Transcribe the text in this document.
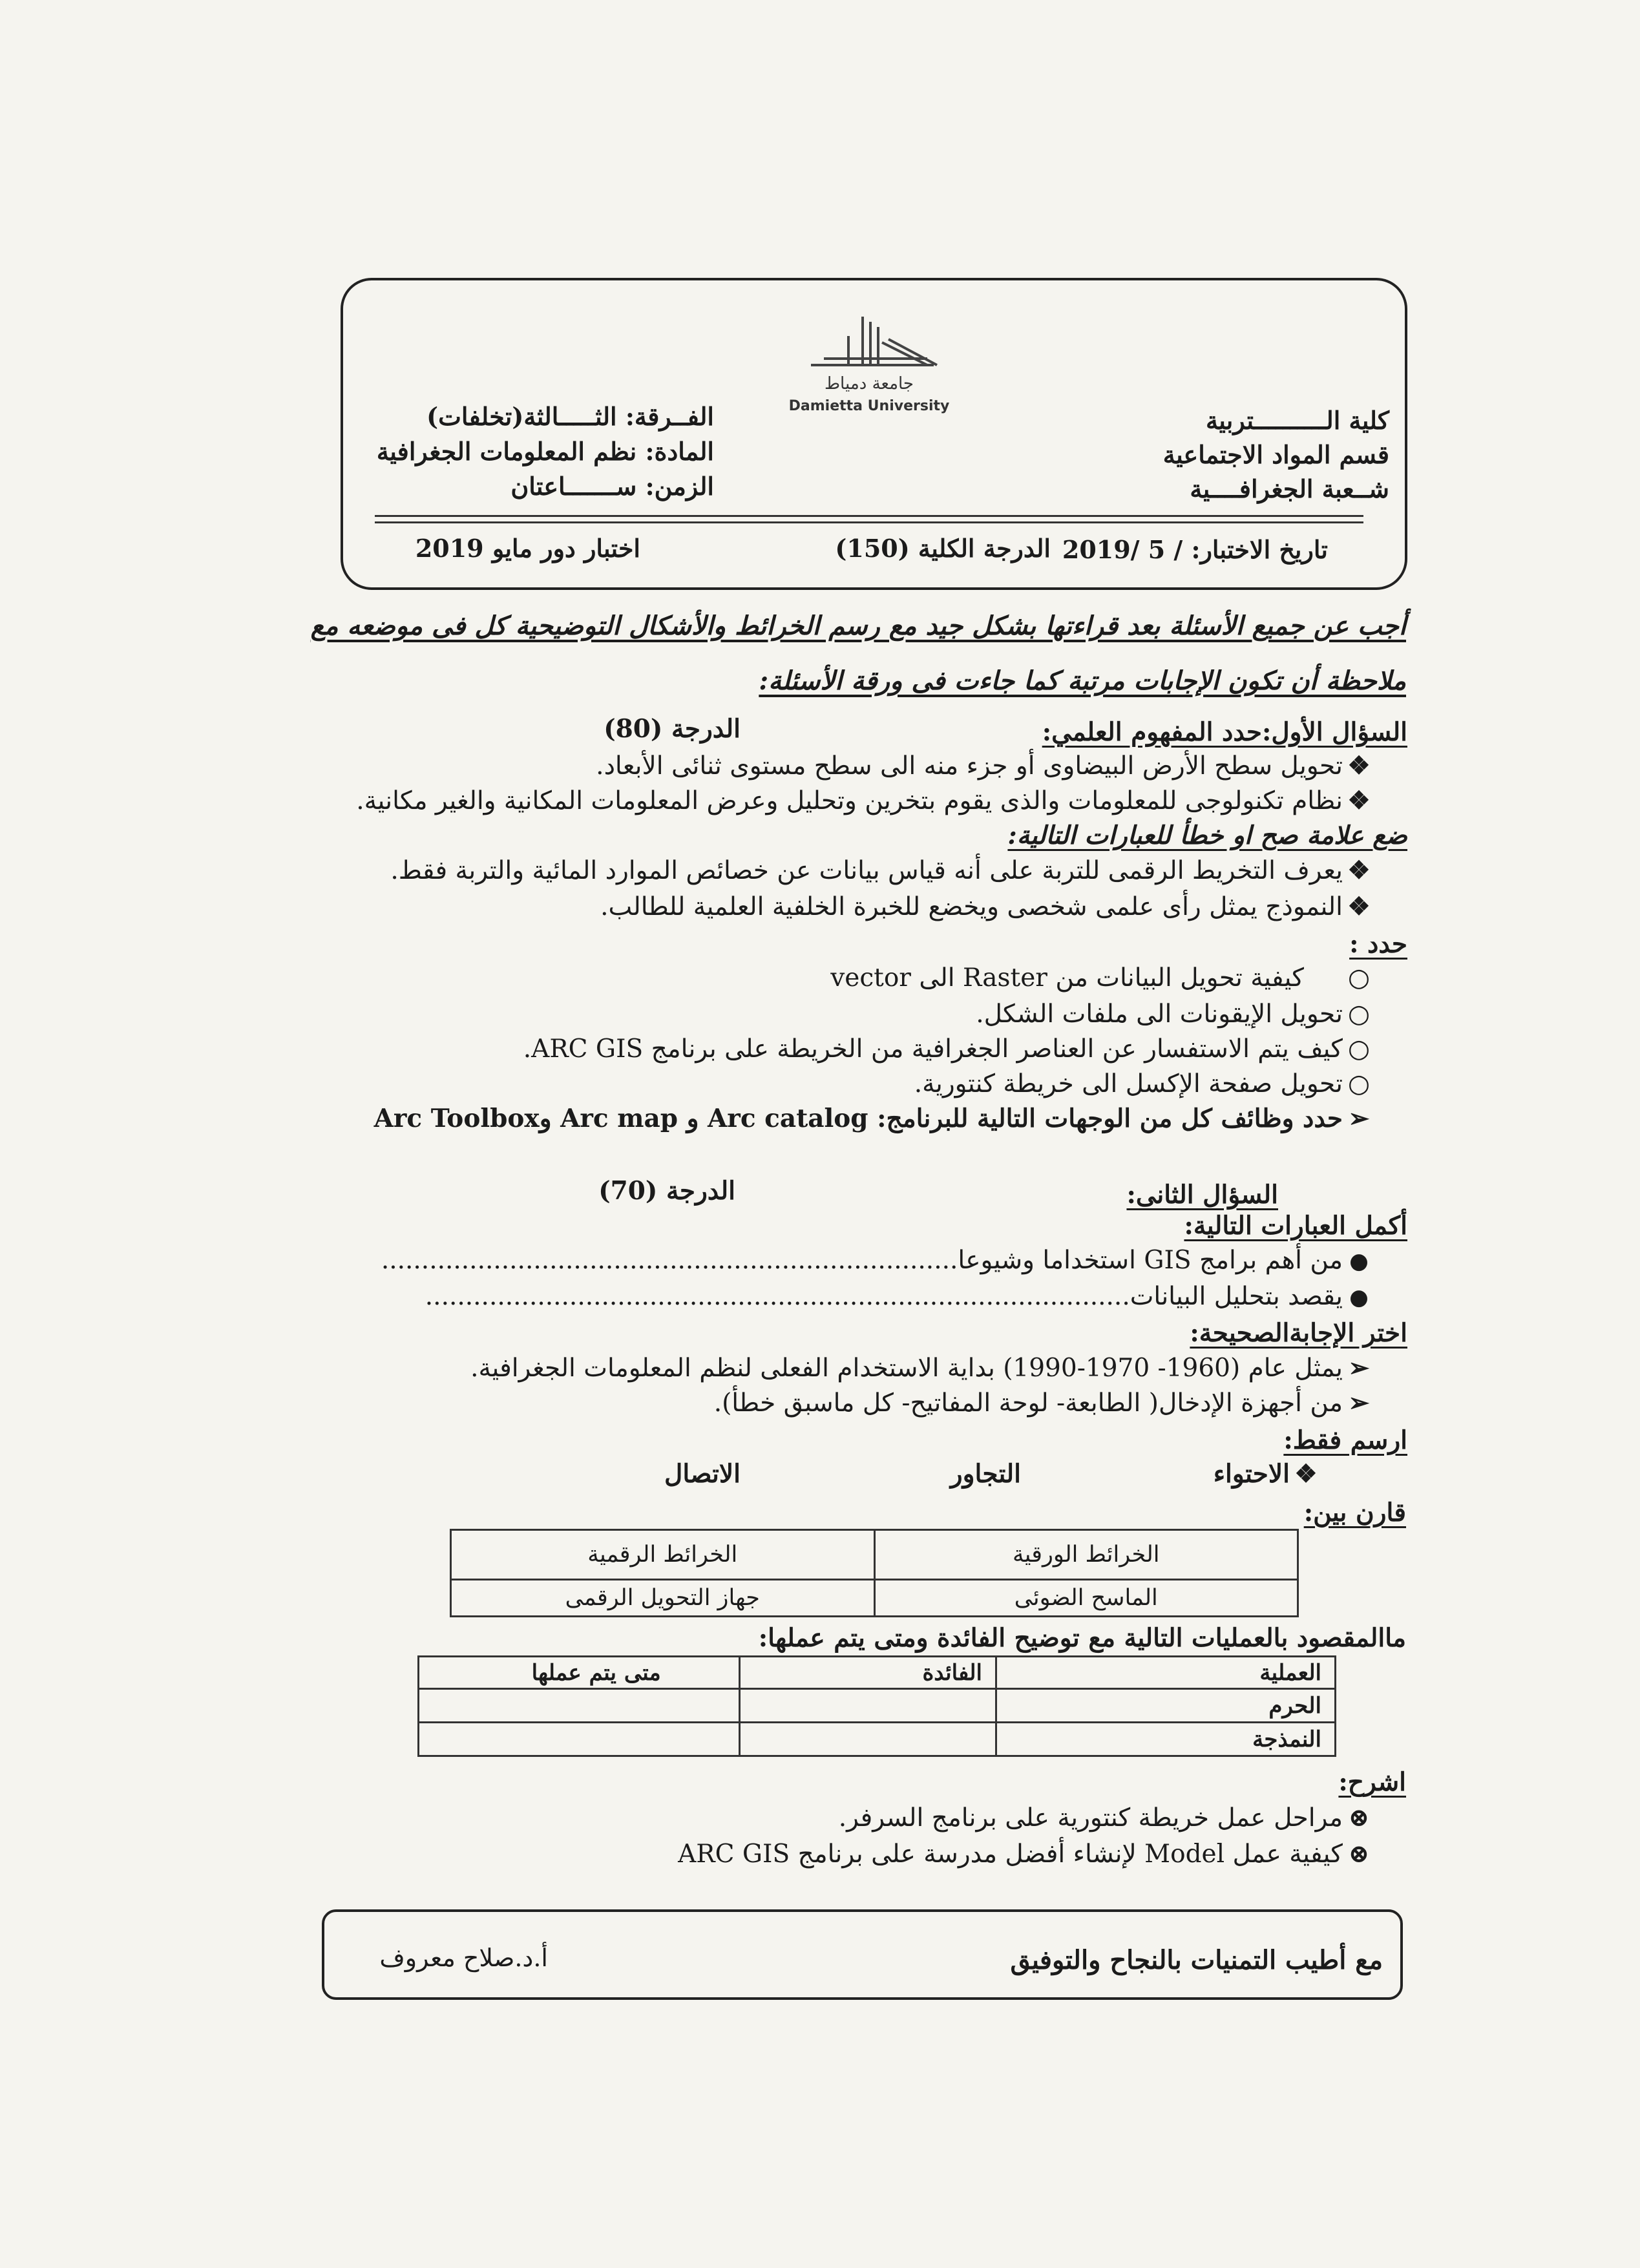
جامعة دمياط
Damietta University	كلية الــــــــــتربية
قسم المواد الاجتماعية
شــعبة الجغرافــــية
الفــرقة: الثـــــالثة(تخلفات)
المادة: نظم المعلومات الجغرافية
الزمن: ســـــــاعتان
تاريخ الاختبار: / 5 /2019
الدرجة الكلية (150)
اختبار دور مايو 2019
أجب عن جميع الأسئلة بعد قراءتها بشكل جيد مع رسم الخرائط والأشكال التوضيحية كل فى موضعه مع
ملاحظة أن تكون الإجابات مرتبة كما جاءت فى ورقة الأسئلة:
السؤال الأول:حدد المفهوم العلمي:
الدرجة (80)
❖تحويل سطح الأرض البيضاوى أو جزء منه الى سطح مستوى ثنائى الأبعاد.
❖نظام تكنولوجى للمعلومات والذى يقوم بتخرين وتحليل وعرض المعلومات المكانية والغير مكانية.
ضع علامة صح او خطأ للعبارات التالية:
❖يعرف التخريط الرقمى للتربة على أنه قياس بيانات عن خصائص الموارد المائية والتربة فقط.
❖النموذج يمثل رأى علمى شخصى ويخضع للخبرة الخلفية العلمية للطالب.
حدد :
○كيفية تحويل البيانات من Raster الى vector
○تحويل الإيقونات الى ملفات الشكل.
○كيف يتم الاستفسار عن العناصر الجغرافية من الخريطة على برنامج ARC GIS.
○تحويل صفحة الإكسل الى خريطة كنتورية.
➢حدد وظائف كل من الوجهات التالية للبرنامج: Arc catalog و Arc map وArc Toolbox
السؤال الثانى:
الدرجة (70)
أكمل العبارات التالية:
●من أهم برامج GIS استخداما وشيوعا........................................................................
●يقصد بتحليل البيانات........................................................................................
اختر الإجابةالصحيحة:
➢يمثل عام (1960- 1970-1990) بداية الاستخدام الفعلى لنظم المعلومات الجغرافية.
➢من أجهزة الإدخال( الطابعة- لوحة المفاتيح- كل ماسبق خطأ).
ارسم فقط:
❖الاحتواء
التجاور
الاتصال
قارن بين:
الخرائط الورقية	الخرائط الرقمية
الماسح الضوئى	جهاز التحويل الرقمى
ماالمقصود بالعمليات التالية مع توضيح الفائدة ومتى يتم عملها:
العملية	الفائدة	متى يتم عملها
الحرم		
النمذجة		
اشرح:
⊗مراحل عمل خريطة كنتورية على برنامج السرفر.
⊗كيفية عمل Model لإنشاء أفضل مدرسة على برنامج ARC GIS
مع أطيب التمنيات بالنجاح والتوفيق
أ.د.صلاح معروف
